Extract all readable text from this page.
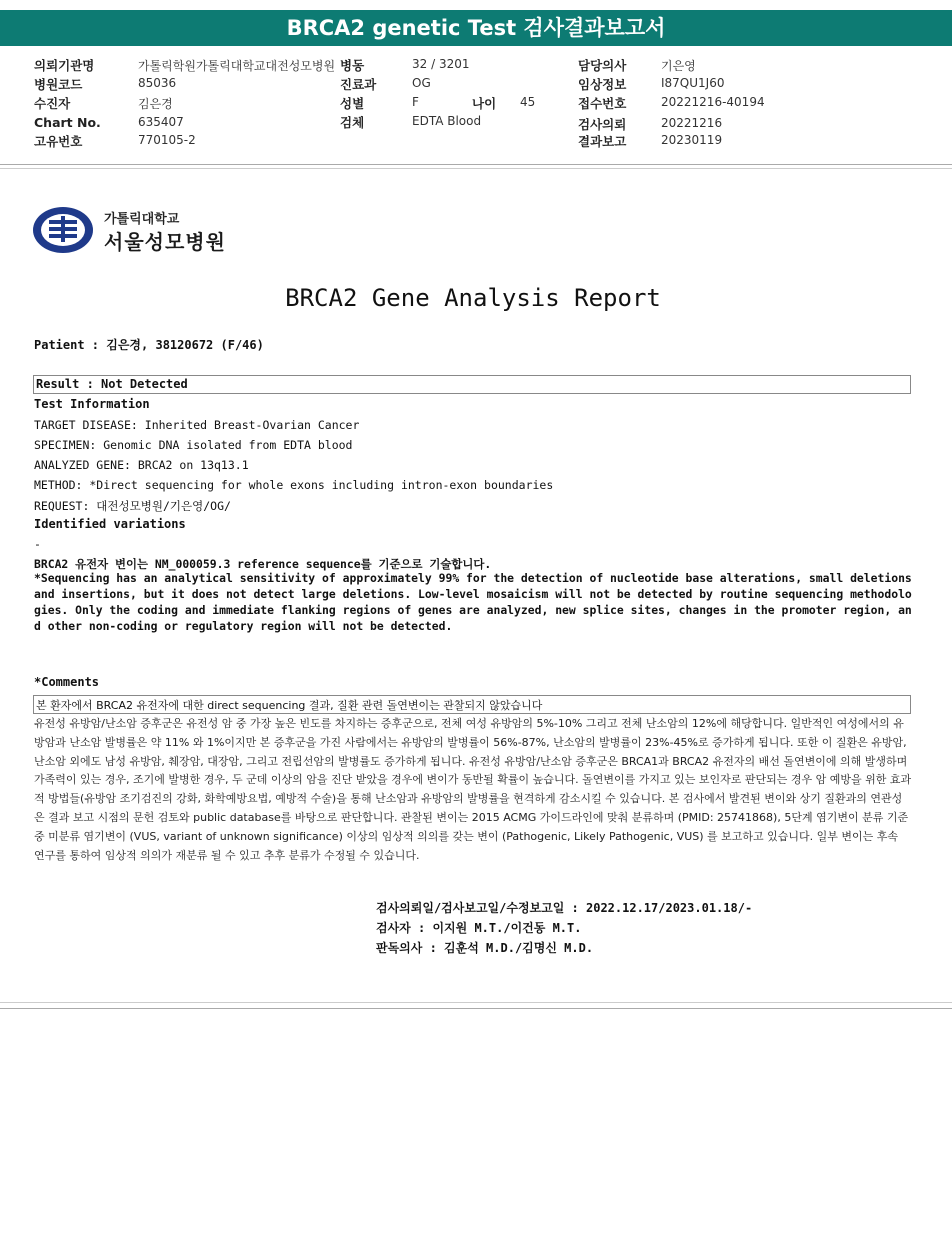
BRCA2 genetic Test 검사결과보고서
의뢰기관명	가톨릭학원가톨릭대학교대전성모병원 병동	32 / 3201	담당의사	기은영
병원코드	85036	진료과	OG	임상정보	I87QU1J60
수진자	김은경	성별	F	나이 45	접수번호	20221216-40194
Chart No.	635407	검체	EDTA Blood	검사의뢰	20221216
고유번호	770105-2	결과보고	20230119
가톨릭대학교
서울성모병원
BRCA2 Gene Analysis Report
Patient : 김은경, 38120672 (F/46)
Result : Not Detected
Test Information
TARGET DISEASE: Inherited Breast-Ovarian Cancer
SPECIMEN: Genomic DNA isolated from EDTA blood
ANALYZED GENE: BRCA2 on 13q13.1
METHOD: *Direct sequencing for whole exons including intron-exon boundaries
REQUEST: 대전성모병원/기은영/OG/
Identified variations
-
BRCA2 유전자 변이는 NM_000059.3 reference sequence를 기준으로 기술합니다.
*Sequencing has an analytical sensitivity of approximately 99% for the detection of nucleotide base alterations, small deletions and insertions, but it does not detect large deletions. Low-level mosaicism will not be detected by routine sequencing methodologies. Only the coding and immediate flanking regions of genes are analyzed, new splice sites, changes in the promoter region, and other non-coding or regulatory region will not be detected.
*Comments
본 환자에서 BRCA2 유전자에 대한 direct sequencing 결과, 질환 관련 돌연변이는 관찰되지 않았습니다
유전성 유방암/난소암 증후군은 유전성 암 중 가장 높은 빈도를 차지하는 증후군으로, 전체 여성 유방암의 5%-10% 그리고 전체 난소암의 12%에 해당합니다. 일반적인 여성에서의 유방암과 난소암 발병률은 약 11% 와 1%이지만 본 증후군을 가진 사람에서는 유방암의 발병률이 56%-87%, 난소암의 발병률이 23%-45%로 증가하게 됩니다. 또한 이 질환은 유방암, 난소암 외에도 남성 유방암, 췌장암, 대장암, 그리고 전립선암의 발병률도 증가하게 됩니다. 유전성 유방암/난소암 증후군은 BRCA1과 BRCA2 유전자의 배선 돌연변이에 의해 발생하며 가족력이 있는 경우, 조기에 발병한 경우, 두 군데 이상의 암을 진단 받았을 경우에 변이가 동반될 확률이 높습니다. 돌연변이를 가지고 있는 보인자로 판단되는 경우 암 예방을 위한 효과적 방법들(유방암 조기검진의 강화, 화학예방요법, 예방적 수술)을 통해 난소암과 유방암의 발병률을 현격하게 감소시킬 수 있습니다. 본 검사에서 발견된 변이와 상기 질환과의 연관성은 결과 보고 시점의 문헌 검토와 public database를 바탕으로 판단합니다. 관찰된 변이는 2015 ACMG 가이드라인에 맞춰 분류하며 (PMID: 25741868), 5단계 염기변이 분류 기준 중 미분류 염기변이 (VUS, variant of unknown significance) 이상의 임상적 의의를 갖는 변이 (Pathogenic, Likely Pathogenic, VUS) 를 보고하고 있습니다. 일부 변이는 후속 연구를 통하여 임상적 의의가 재분류 될 수 있고 추후 분류가 수정될 수 있습니다.
검사의뢰일/검사보고일/수정보고일 : 2022.12.17/2023.01.18/-
검사자 : 이지원 M.T./이건동 M.T.
판독의사 : 김훈석 M.D./김명신 M.D.
